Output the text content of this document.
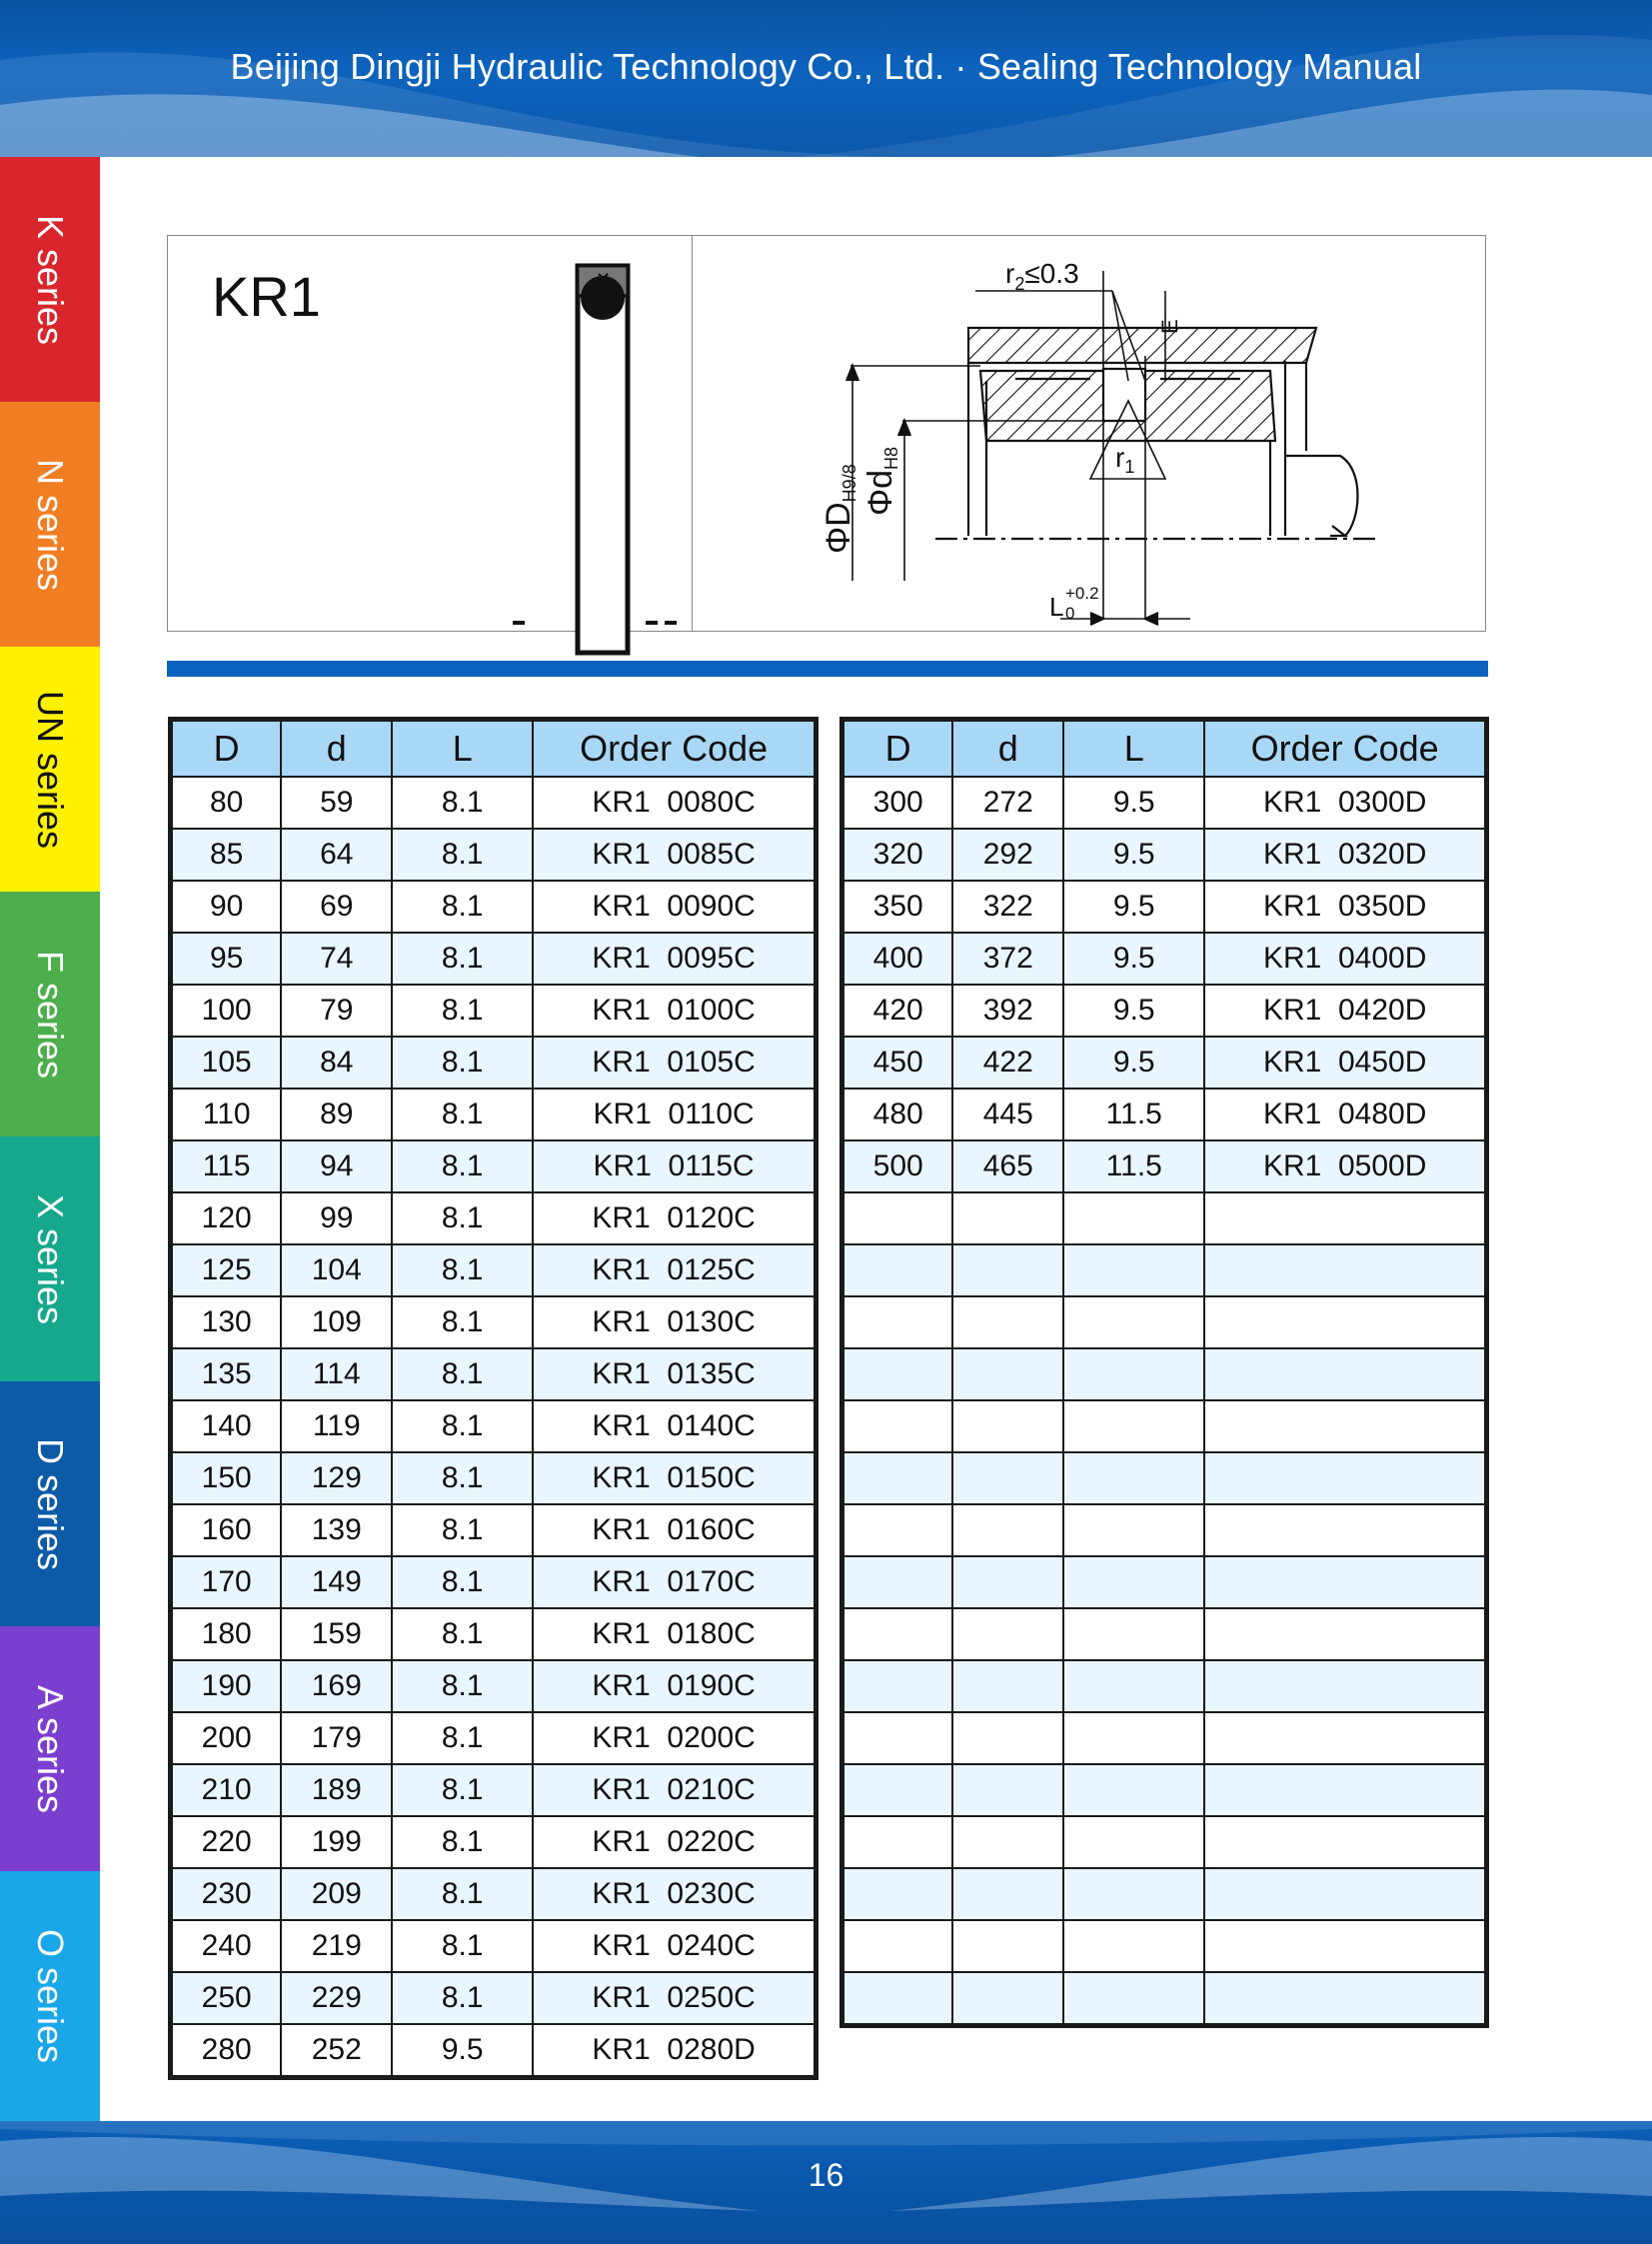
Beijing Dingji Hydraulic Technology Co., Ltd. · Sealing Technology Manual
K series
N series
UN series
F series
X series
D series
A series
O series
KR1	×	$r_2\le 0.3$
E
$r_1$
ΦDH9/8 ΦdH8
L +0.2
0
D	d	L	Order Code
80	59	8.1	KR1  0080C
85	64	8.1	KR1  0085C
90	69	8.1	KR1  0090C
95	74	8.1	KR1  0095C
100	79	8.1	KR1  0100C
105	84	8.1	KR1  0105C
110	89	8.1	KR1  0110C
115	94	8.1	KR1  0115C
120	99	8.1	KR1  0120C
125	104	8.1	KR1  0125C
130	109	8.1	KR1  0130C
135	114	8.1	KR1  0135C
140	119	8.1	KR1  0140C
150	129	8.1	KR1  0150C
160	139	8.1	KR1  0160C
170	149	8.1	KR1  0170C
180	159	8.1	KR1  0180C
190	169	8.1	KR1  0190C
200	179	8.1	KR1  0200C
210	189	8.1	KR1  0210C
220	199	8.1	KR1  0220C
230	209	8.1	KR1  0230C
240	219	8.1	KR1  0240C
250	229	8.1	KR1  0250C
280	252	9.5	KR1  0280D
D	d	L	Order Code
300	272	9.5	KR1  0300D
320	292	9.5	KR1  0320D
350	322	9.5	KR1  0350D
400	372	9.5	KR1  0400D
420	392	9.5	KR1  0420D
450	422	9.5	KR1  0450D
480	445	11.5	KR1  0480D
500	465	11.5	KR1  0500D

16
